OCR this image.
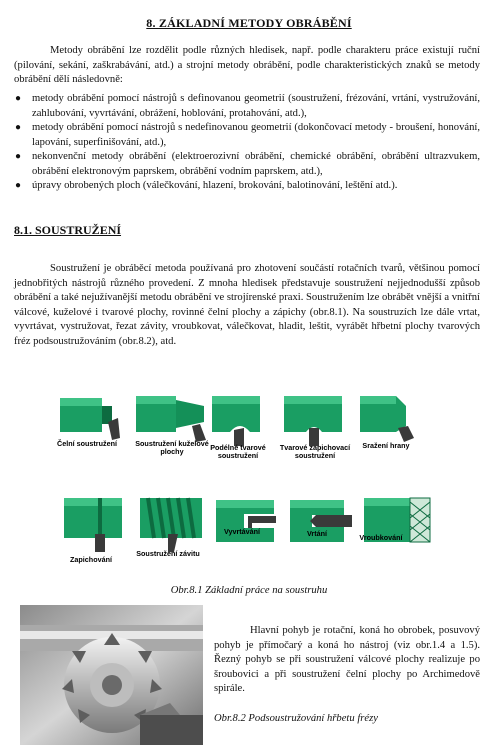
8. ZÁKLADNÍ METODY OBRÁBĚNÍ
Metody obrábění lze rozdělit podle různých hledisek, např. podle charakteru práce existují ruční (pilování, sekání, zaškrabávání, atd.) a strojní metody obrábění, podle charakteristických znaků se metody obrábění dělí následovně:
● metody obrábění pomocí nástrojů s definovanou geometrií (soustružení, frézování, vrtání, vystružování, zahlubování, vyvrtávání, obrážení, hoblování, protahování, atd.),
● metody obrábění pomocí nástrojů s nedefinovanou geometrií (dokončovací metody - broušení, honování, lapování, superfinišování, atd.),
● nekonvenční metody obrábění (elektroerozivní obrábění, chemické obrábění, obrábění ultrazvukem, obrábění elektronovým paprskem, obrábění vodním paprskem, atd.),
● úpravy obrobených ploch (válečkování, hlazení, brokování, balotinování, leštění atd.).
8.1. SOUSTRUŽENÍ
Soustružení je obráběcí metoda používaná pro zhotovení součástí rotačních tvarů, většinou pomocí jednobřitých nástrojů různého provedení. Z mnoha hledisek představuje soustružení nejjednodušší způsob obrábění a také nejužívanější metodu obrábění ve strojírenské praxi. Soustružením lze obrábět vnější a vnitřní válcové, kuželové i tvarové plochy, rovinné čelní plochy a zápichy (obr.8.1). Na soustruzích lze dále vrtat, vyvrtávat, vystružovat, řezat závity, vroubkovat, válečkovat, hladit, leštit, vyrábět hřbetní plochy tvarových fréz podsoustružováním (obr.8.2), atd.
Čelní soustružení	Soustružení kuželové plochy	Podélné tvarové soustružení
Tvarové zapichovací soustružení
Sražení hrany
Zapichování
Soustružení závitu
Vyvrtávání	Vrtání	Vroubkování
Obr.8.1 Základní práce na soustruhu
Hlavní pohyb je rotační, koná ho obrobek, posuvový pohyb je přímočarý a koná ho nástroj (viz obr.1.4 a 1.5). Řezný pohyb se při soustružení válcové plochy realizuje po šroubovici a při soustružení čelní plochy po Archimedově spirále.
Obr.8.2 Podsoustružování hřbetu frézy
